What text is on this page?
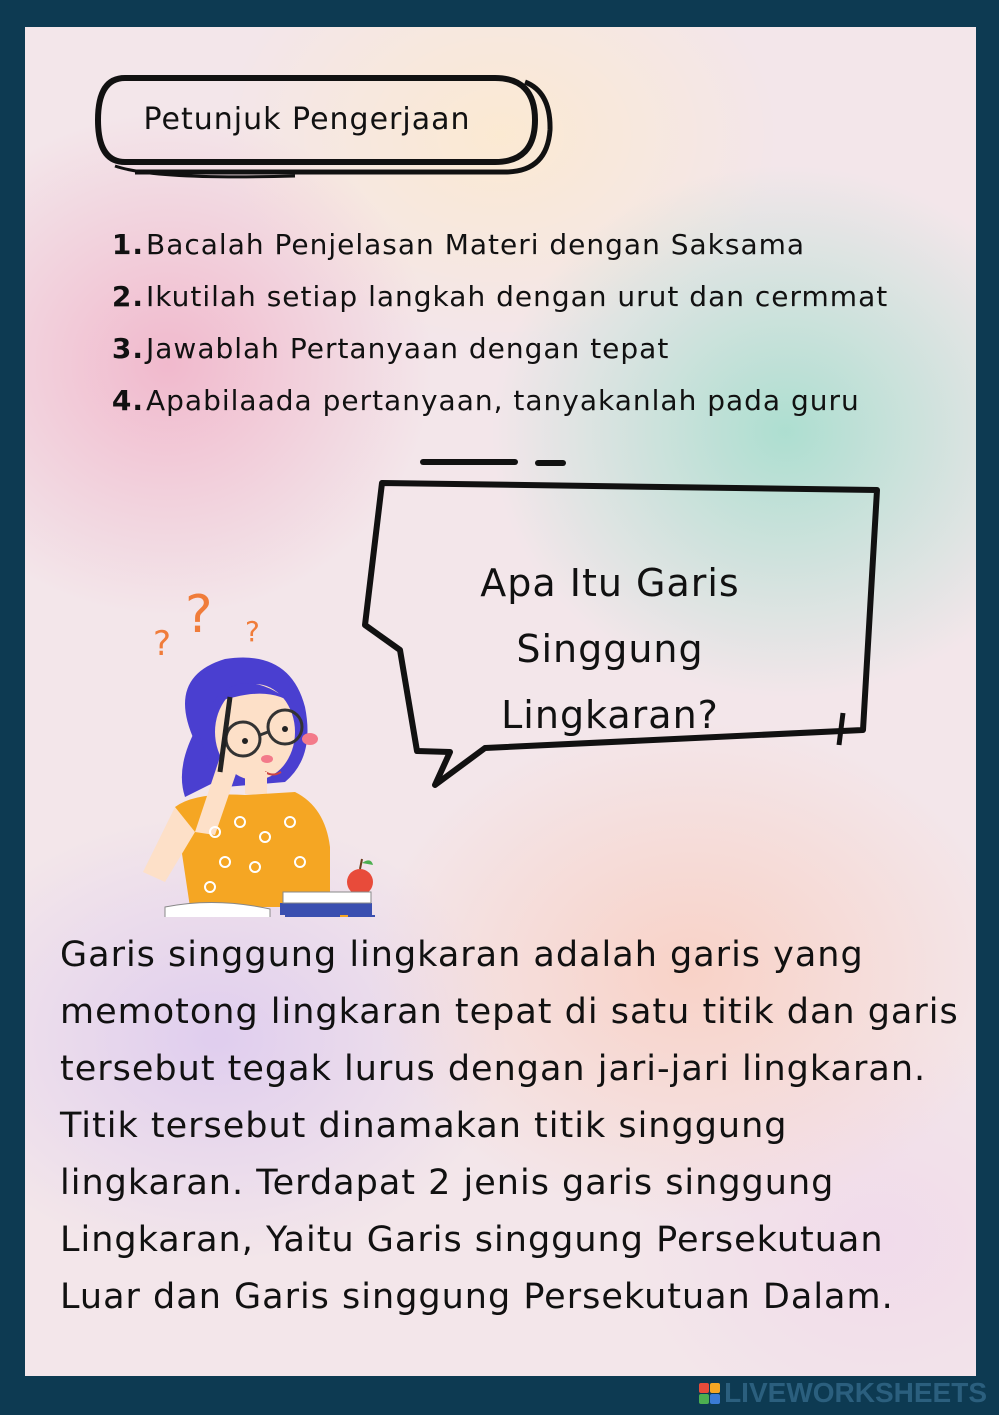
Petunjuk Pengerjaan
1.Bacalah Penjelasan Materi dengan Saksama
2.Ikutilah setiap langkah dengan urut dan cermmat
3.Jawablah Pertanyaan dengan tepat
4.Apabilaada pertanyaan, tanyakanlah pada guru
Apa Itu Garis
Singgung
Lingkaran?
?
?	?
Garis singgung lingkaran adalah garis yang
memotong lingkaran tepat di satu titik dan garis
tersebut tegak lurus dengan jari-jari lingkaran.
Titik tersebut dinamakan titik singgung
lingkaran. Terdapat 2 jenis garis singgung
Lingkaran, Yaitu Garis singgung Persekutuan
Luar dan Garis singgung Persekutuan Dalam.
LIVEWORKSHEETS
